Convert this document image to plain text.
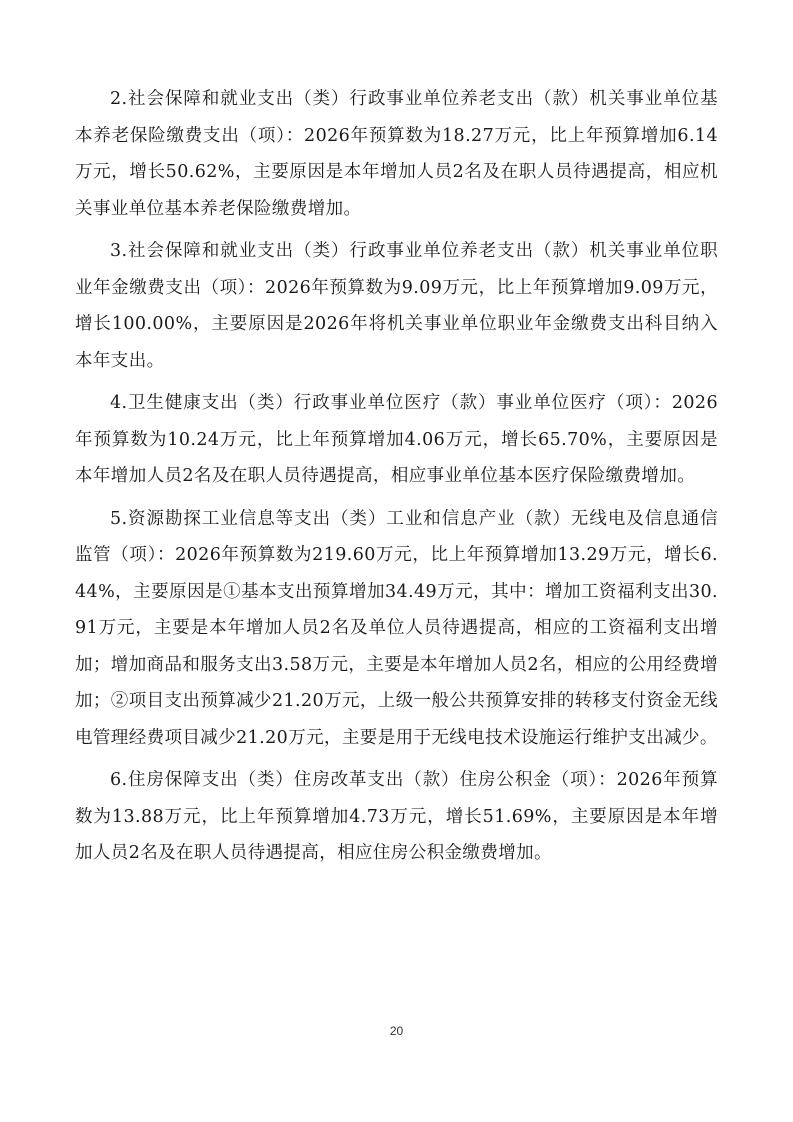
2.社会保障和就业支出（类）行政事业单位养老支出（款）机关事业单位基本养老保险缴费支出（项）：2026年预算数为18.27万元，比上年预算增加6.14万元，增长50.62%，主要原因是本年增加人员2名及在职人员待遇提高，相应机关事业单位基本养老保险缴费增加。

3.社会保障和就业支出（类）行政事业单位养老支出（款）机关事业单位职业年金缴费支出（项）：2026年预算数为9.09万元，比上年预算增加9.09万元，增长100.00%，主要原因是2026年将机关事业单位职业年金缴费支出科目纳入本年支出。

4.卫生健康支出（类）行政事业单位医疗（款）事业单位医疗（项）：2026年预算数为10.24万元，比上年预算增加4.06万元，增长65.70%，主要原因是本年增加人员2名及在职人员待遇提高，相应事业单位基本医疗保险缴费增加。

5.资源勘探工业信息等支出（类）工业和信息产业（款）无线电及信息通信监管（项）：2026年预算数为219.60万元，比上年预算增加13.29万元，增长6.44%，主要原因是①基本支出预算增加34.49万元，其中：增加工资福利支出30.91万元，主要是本年增加人员2名及单位人员待遇提高，相应的工资福利支出增加；增加商品和服务支出3.58万元，主要是本年增加人员2名，相应的公用经费增加；②项目支出预算减少21.20万元，上级一般公共预算安排的转移支付资金无线电管理经费项目减少21.20万元，主要是用于无线电技术设施运行维护支出减少。

6.住房保障支出（类）住房改革支出（款）住房公积金（项）：2026年预算数为13.88万元，比上年预算增加4.73万元，增长51.69%，主要原因是本年增加人员2名及在职人员待遇提高，相应住房公积金缴费增加。

20
